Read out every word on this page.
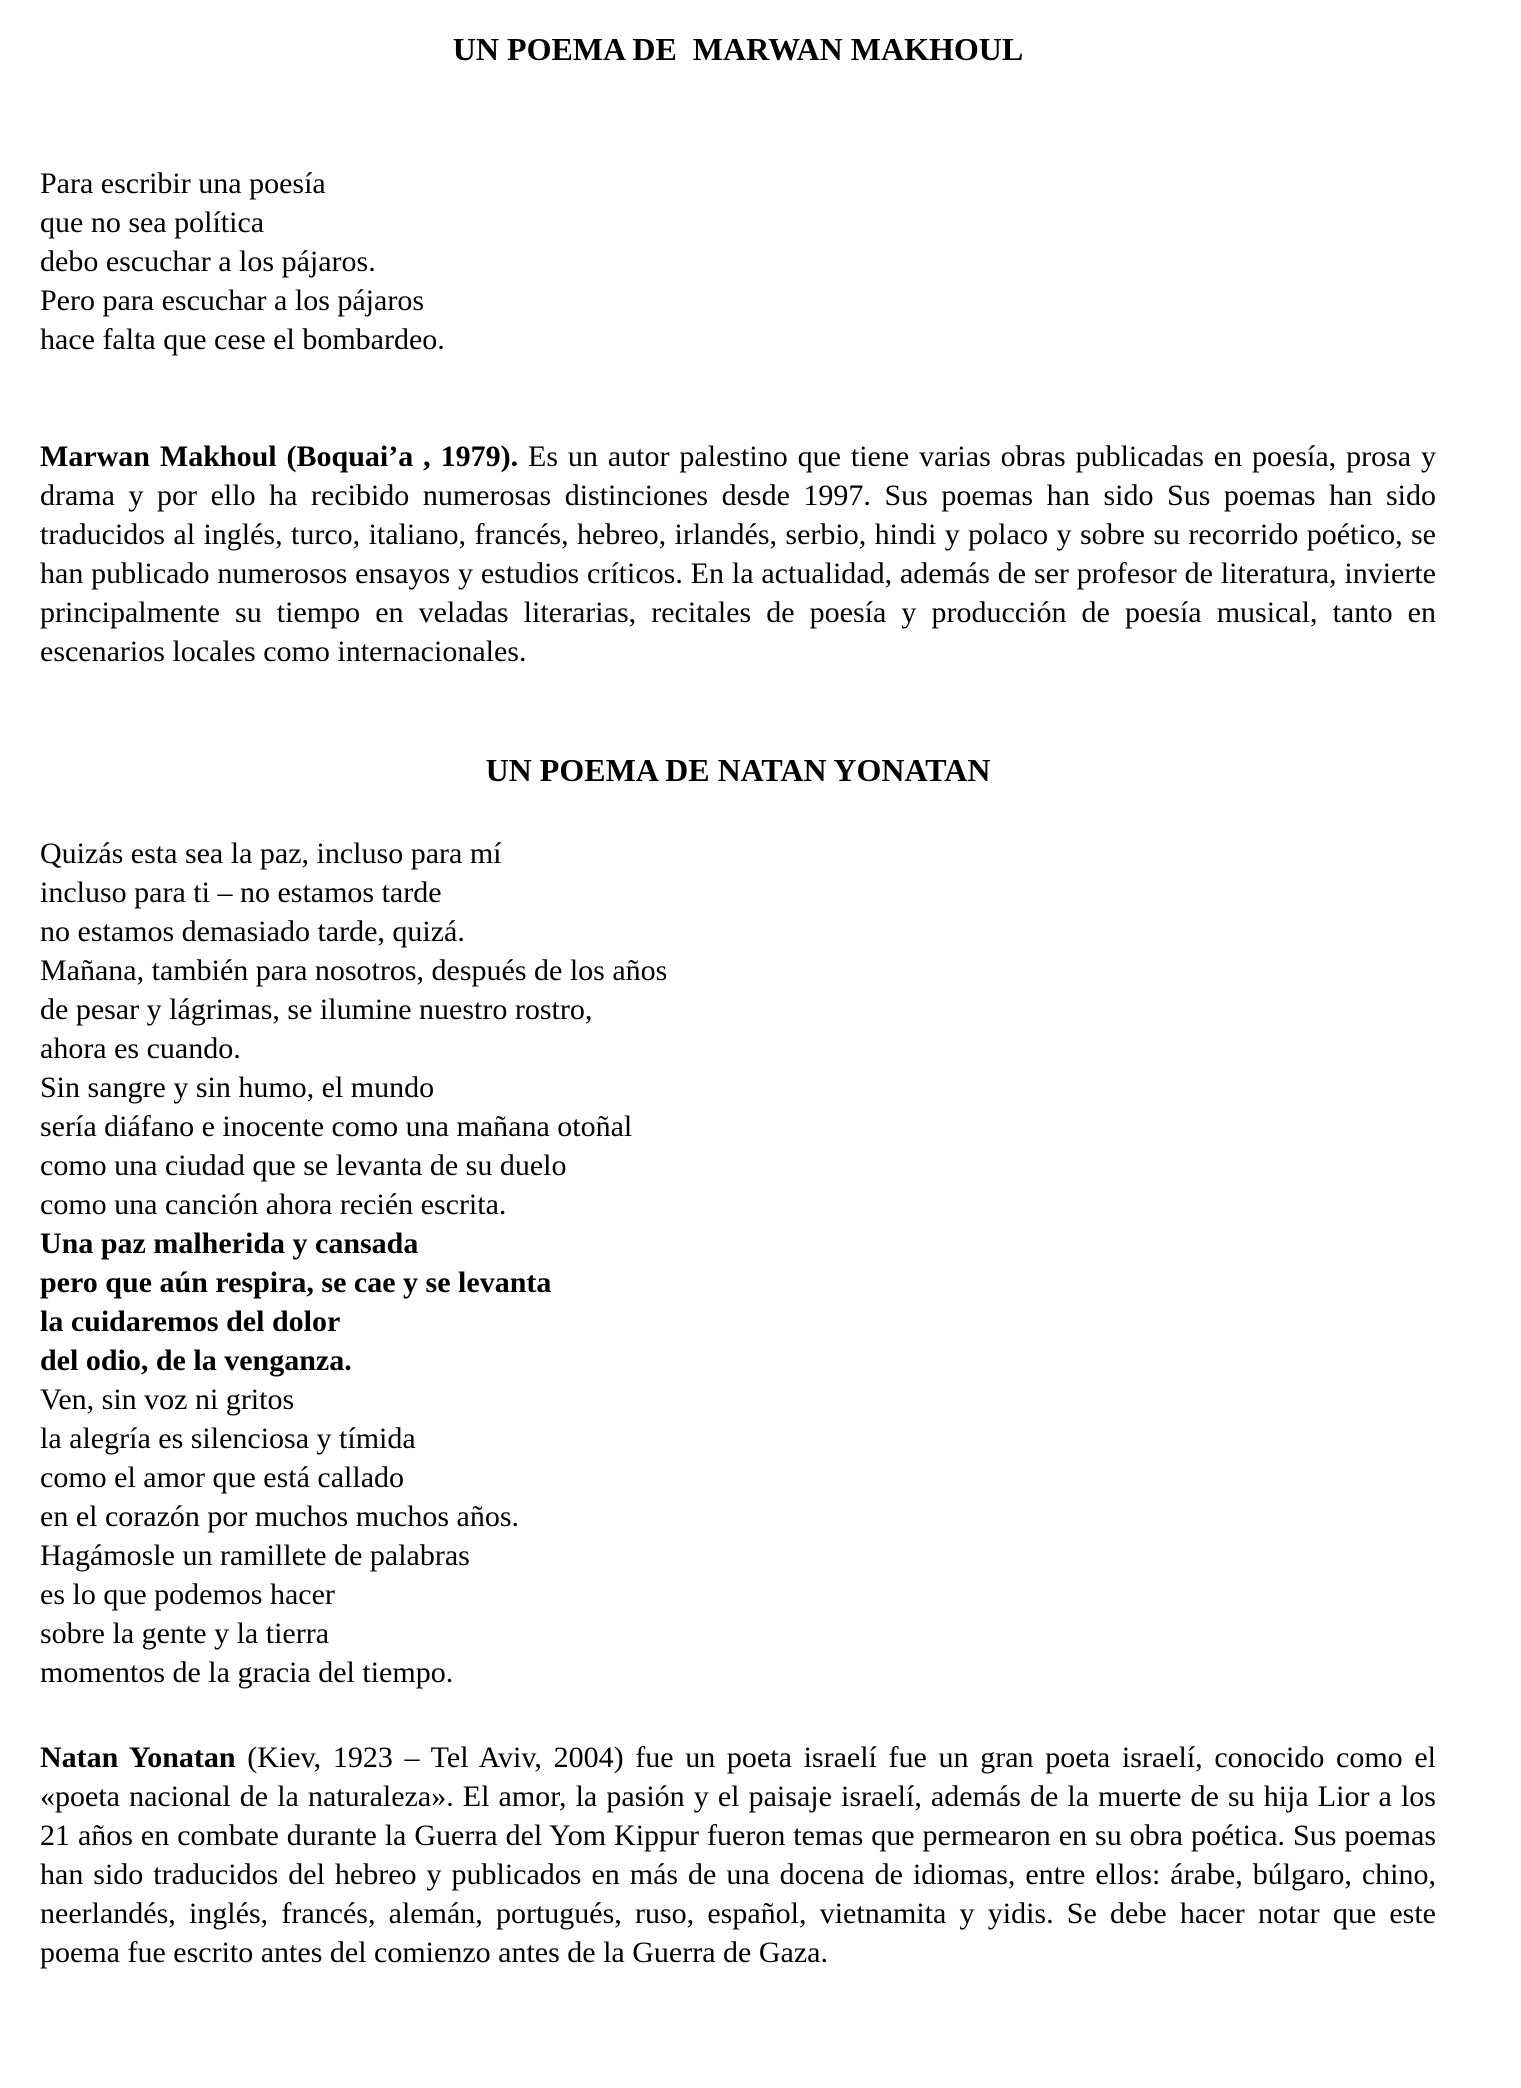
UN POEMA DE  MARWAN MAKHOUL
Para escribir una poesía
que no sea política
debo escuchar a los pájaros.
Pero para escuchar a los pájaros
hace falta que cese el bombardeo.

Marwan Makhoul (Boquai’a , 1979). Es un autor palestino que tiene varias obras publicadas en poesía, prosa y drama y por ello ha recibido numerosas distinciones desde 1997. Sus poemas han sido Sus poemas han sido traducidos al inglés, turco, italiano, francés, hebreo, irlandés, serbio, hindi y polaco y sobre su recorrido poético, se han publicado numerosos ensayos y estudios críticos. En la actualidad, además de ser profesor de literatura, invierte principalmente su tiempo en veladas literarias, recitales de poesía y producción de poesía musical, tanto en escenarios locales como internacionales.

UN POEMA DE NATAN YONATAN
Quizás esta sea la paz, incluso para mí
incluso para ti – no estamos tarde
no estamos demasiado tarde, quizá.
Mañana, también para nosotros, después de los años
de pesar y lágrimas, se ilumine nuestro rostro,
ahora es cuando.
Sin sangre y sin humo, el mundo
sería diáfano e inocente como una mañana otoñal
como una ciudad que se levanta de su duelo
como una canción ahora recién escrita.
Una paz malherida y cansada
pero que aún respira, se cae y se levanta
la cuidaremos del dolor
del odio, de la venganza.
Ven, sin voz ni gritos
la alegría es silenciosa y tímida
como el amor que está callado
en el corazón por muchos muchos años.
Hagámosle un ramillete de palabras
es lo que podemos hacer
sobre la gente y la tierra
momentos de la gracia del tiempo.

Natan Yonatan (Kiev, 1923 – Tel Aviv, 2004) fue un poeta israelí fue un gran poeta israelí, conocido como el «poeta nacional de la naturaleza». El amor, la pasión y el paisaje israelí, además de la muerte de su hija Lior a los 21 años en combate durante la Guerra del Yom Kippur fueron temas que permearon en su obra poética. Sus poemas han sido traducidos del hebreo y publicados en más de una docena de idiomas, entre ellos: árabe, búlgaro, chino, neerlandés, inglés, francés, alemán, portugués, ruso, español, vietnamita y yidis. Se debe hacer notar que este poema fue escrito antes del comienzo antes de la Guerra de Gaza.
